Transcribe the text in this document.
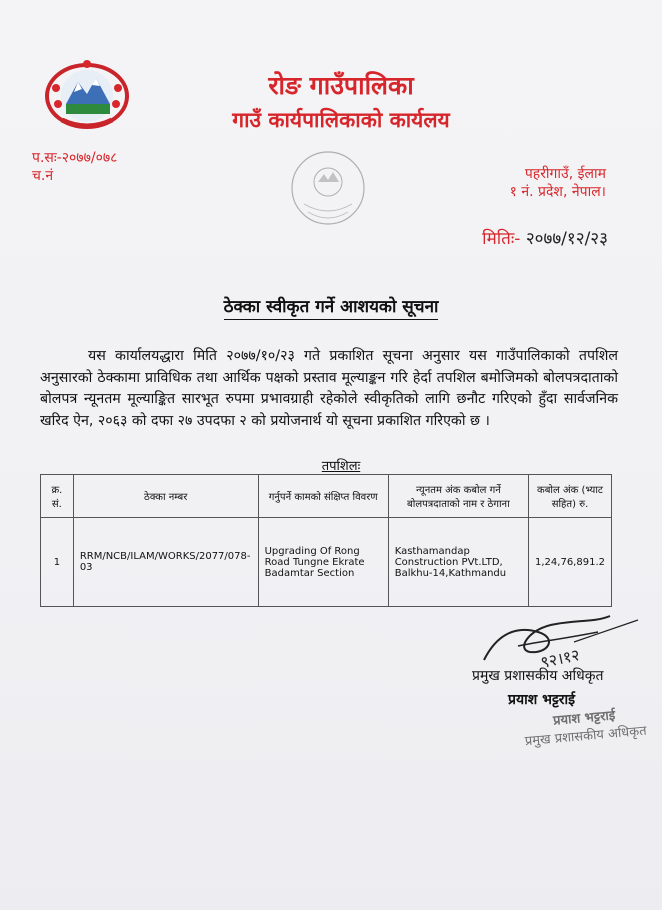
रोङ गाउँपालिका
गाउँ कार्यपालिकाको कार्यलय
प.सः-२०७७/०७८
च.नं	पहरीगाउँ, ईलाम
१ नं. प्रदेश, नेपाल।
मितिः- २०७७/१२/२३
ठेक्का स्वीकृत गर्ने आशयको सूचना
यस कार्यालयद्धारा मिति २०७७/१०/२३ गते प्रकाशित सूचना अनुसार यस गाउँपालिकाको तपशिल अनुसारको ठेक्कामा प्राविधिक तथा आर्थिक पक्षको प्रस्ताव मूल्याङ्कन गरि हेर्दा तपशिल बमोजिमको बोलपत्रदाताको बोलपत्र न्यूनतम मूल्याङ्कित सारभूत रुपमा प्रभावग्राही रहेकोले स्वीकृतिको लागि छनौट गरिएको हुँदा सार्वजनिक खरिद ऐन, २०६३ को दफा २७ उपदफा २ को प्रयोजनार्थ यो सूचना प्रकाशित गरिएको छ ।
तपशिलः
क्र. सं.	ठेक्का नम्बर	गर्नुपर्ने कामको संक्षिप्त विवरण	न्यूनतम अंक कबोल गर्ने बोलपत्रदाताको नाम र ठेगाना	कबोल अंक (भ्याट सहित) रु.
1	RRM/NCB/ILAM/WORKS/2077/078-03	Upgrading Of Rong Road Tungne Ekrate Badamtar Section	Kasthamandap Construction PVt.LTD, Balkhu-14,Kathmandu	1,24,76,891.2
९२।१२
प्रमुख प्रशासकीय अधिकृत
प्रयाश भट्टराई
प्रयाश भट्टराई
प्रमुख प्रशासकीय अधिकृत
